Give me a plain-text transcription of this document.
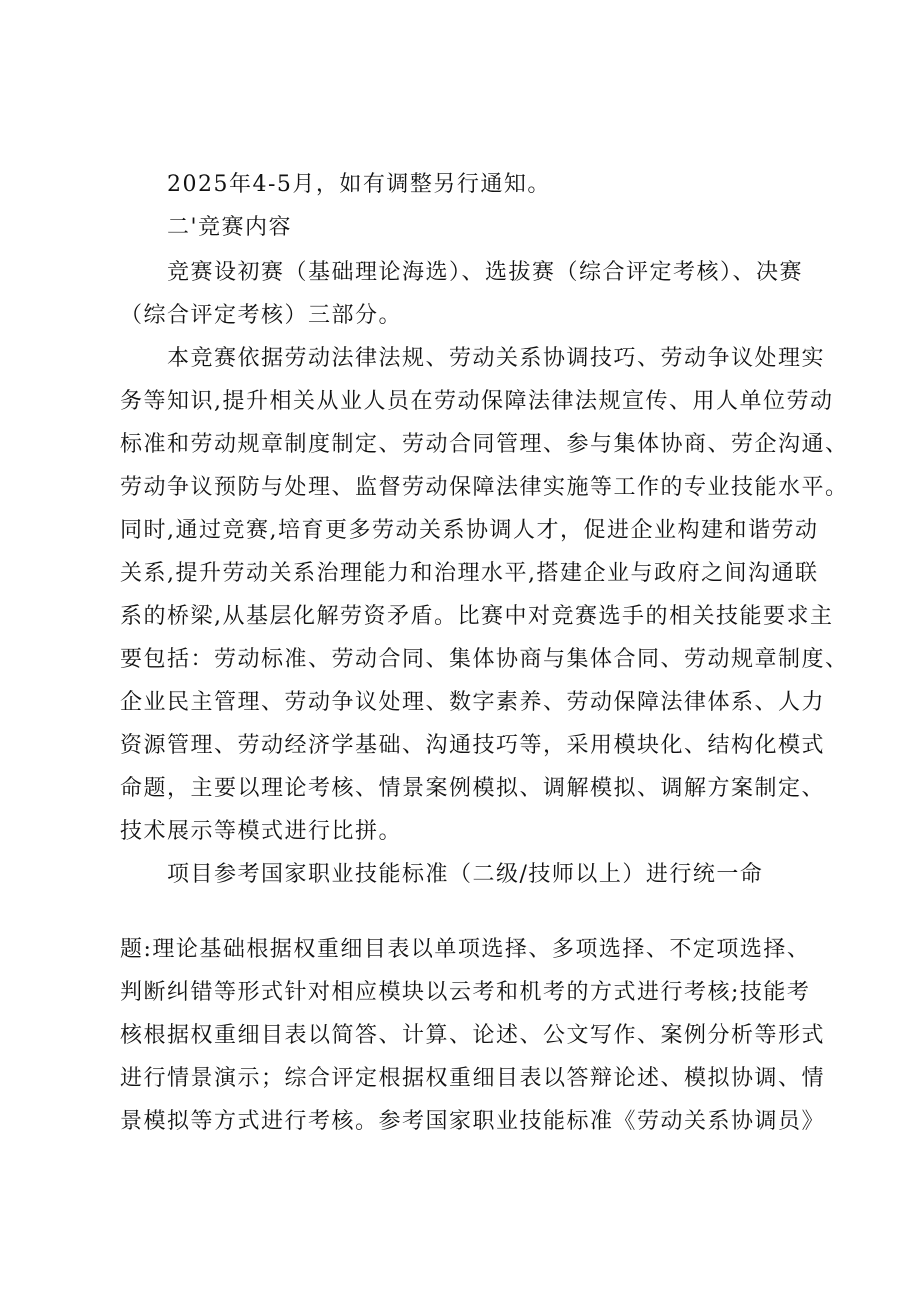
2025年4-5月，如有调整另行通知。
二'竞赛内容
竞赛设初赛（基础理论海选）、选拔赛（综合评定考核）、决赛
（综合评定考核）三部分。
本竞赛依据劳动法律法规、劳动关系协调技巧、劳动争议处理实
务等知识,提升相关从业人员在劳动保障法律法规宣传、用人单位劳动
标准和劳动规章制度制定、劳动合同管理、参与集体协商、劳企沟通、
劳动争议预防与处理、监督劳动保障法律实施等工作的专业技能水平。
同时,通过竞赛,培育更多劳动关系协调人才，促进企业构建和谐劳动
关系,提升劳动关系治理能力和治理水平,搭建企业与政府之间沟通联
系的桥梁,从基层化解劳资矛盾。比赛中对竞赛选手的相关技能要求主
要包括：劳动标准、劳动合同、集体协商与集体合同、劳动规章制度、
企业民主管理、劳动争议处理、数字素养、劳动保障法律体系、人力
资源管理、劳动经济学基础、沟通技巧等，采用模块化、结构化模式
命题，主要以理论考核、情景案例模拟、调解模拟、调解方案制定、
技术展示等模式进行比拼。
项目参考国家职业技能标准（二级/技师以上）进行统一命
题:理论基础根据权重细目表以单项选择、多项选择、不定项选择、
判断纠错等形式针对相应模块以云考和机考的方式进行考核;技能考
核根据权重细目表以简答、计算、论述、公文写作、案例分析等形式
进行情景演示；综合评定根据权重细目表以答辩论述、模拟协调、情
景模拟等方式进行考核。参考国家职业技能标准《劳动关系协调员》
